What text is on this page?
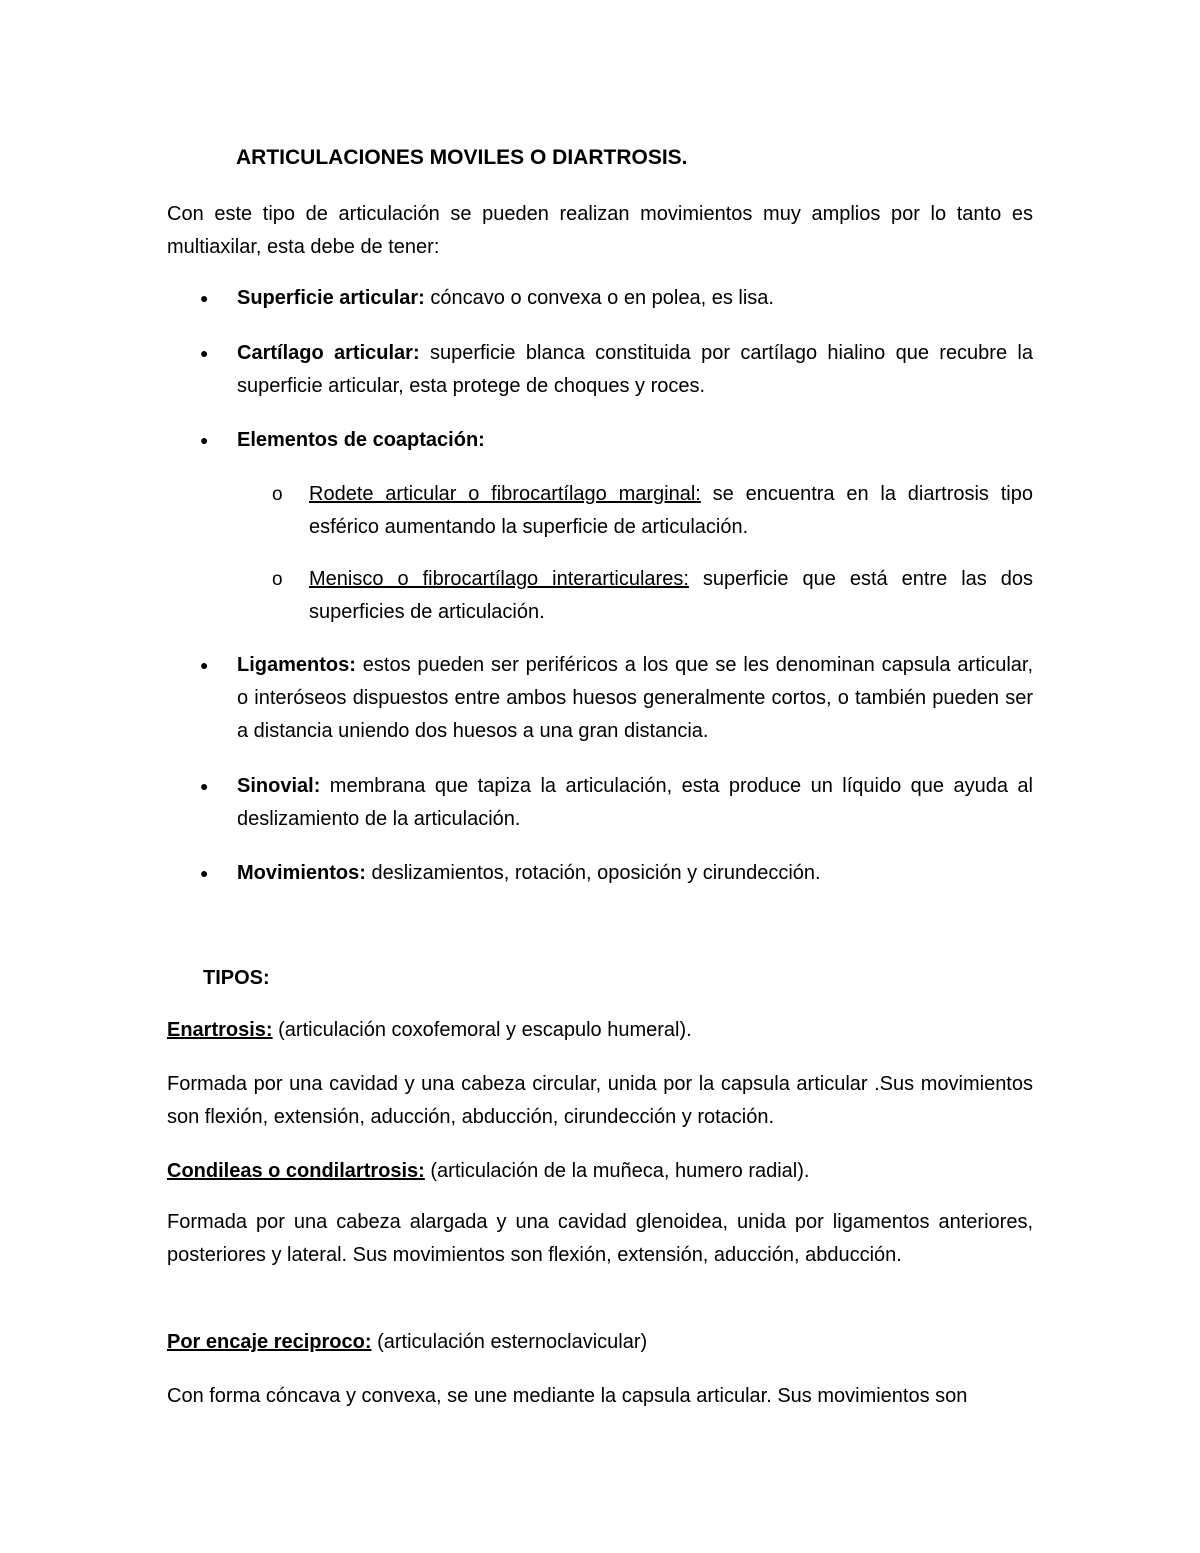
ARTICULACIONES MOVILES O DIARTROSIS.
Con este tipo de articulación se pueden realizan movimientos muy amplios por lo tanto es multiaxilar, esta debe de tener:
● Superficie articular: cóncavo o convexa o en polea, es lisa.
● Cartílago articular: superficie blanca constituida por cartílago hialino que recubre la superficie articular, esta protege de choques y roces.
● Elementos de coaptación:
o Rodete articular o fibrocartílago marginal: se encuentra en la diartrosis tipo esférico aumentando la superficie de articulación.
o Menisco o fibrocartílago interarticulares: superficie que está entre las dos superficies de articulación.
● Ligamentos: estos pueden ser periféricos a los que se les denominan capsula articular, o interóseos dispuestos entre ambos huesos generalmente cortos, o también pueden ser a distancia uniendo dos huesos a una gran distancia.
● Sinovial: membrana que tapiza la articulación, esta produce un líquido que ayuda al deslizamiento de la articulación.
● Movimientos: deslizamientos, rotación, oposición y cirundección.
TIPOS:
Enartrosis: (articulación coxofemoral y escapulo humeral).
Formada por una cavidad y una cabeza circular, unida por la capsula articular .Sus movimientos son flexión, extensión, aducción, abducción, cirundección y rotación.
Condileas o condilartrosis: (articulación de la muñeca, humero radial).
Formada por una cabeza alargada y una cavidad glenoidea, unida por ligamentos anteriores, posteriores y lateral. Sus movimientos son flexión, extensión, aducción, abducción.
Por encaje reciproco: (articulación esternoclavicular)
Con forma cóncava y convexa, se une mediante la capsula articular. Sus movimientos son
